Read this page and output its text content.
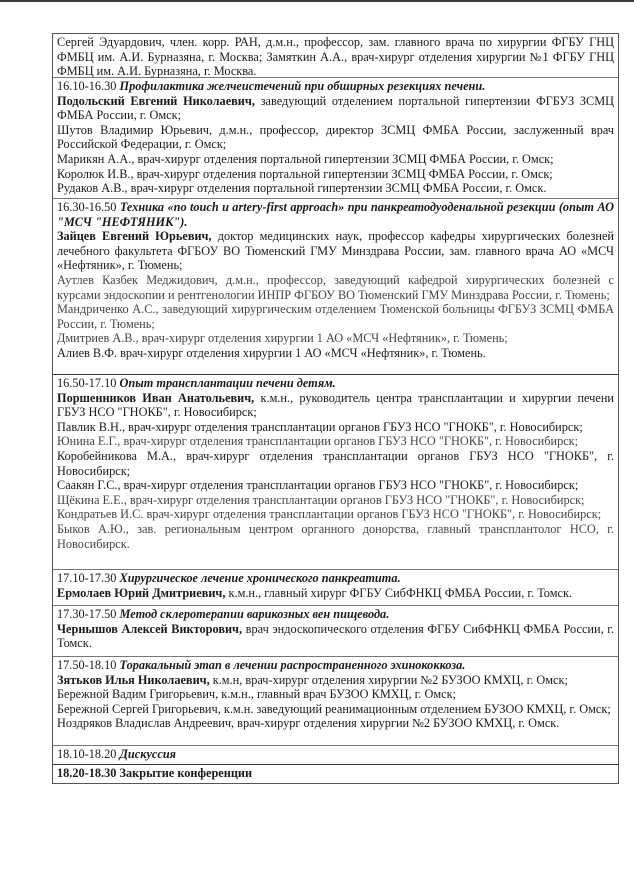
Сергей Эдуардович, член. корр. РАН, д.м.н., профессор, зам. главного врача по хирургии ФГБУ ГНЦ ФМБЦ им. А.И. Бурназяна, г. Москва; Замяткин А.А., врач-хирург отделения хирургии №1 ФГБУ ГНЦ ФМБЦ им. А.И. Бурназяна, г. Москва.
16.10-16.30 Профилактика желчеистечений при обширных резекциях печени.
Подольский Евгений Николаевич, заведующий отделением портальной гипертензии ФГБУЗ ЗСМЦ ФМБА России, г. Омск;
Шутов Владимир Юрьевич, д.м.н., профессор, директор ЗСМЦ ФМБА России, заслуженный врач Российской Федерации, г. Омск;
Марикян А.А., врач-хирург отделения портальной гипертензии ЗСМЦ ФМБА России, г. Омск;
Королюк И.В., врач-хирург отделения портальной гипертензии ЗСМЦ ФМБА России, г. Омск;
Рудаков А.В., врач-хирург отделения портальной гипертензии ЗСМЦ ФМБА России, г. Омск.
16.30-16.50 Техника «no touch и artery-first approach» при панкреатодуоденальной резекции (опыт АО "МСЧ "НЕФТЯНИК").
Зайцев Евгений Юрьевич, доктор медицинских наук, профессор кафедры хирургических болезней лечебного факультета ФГБОУ ВО Тюменский ГМУ Минздрава России, зам. главного врача АО «МСЧ «Нефтяник», г. Тюмень;
Аутлев Казбек Меджидович, д.м.н., профессор, заведующий кафедрой хирургических болезней с курсами эндоскопии и рентгенологии ИНПР ФГБОУ ВО Тюменский ГМУ Минздрава России, г. Тюмень;
Мандриченко А.С., заведующий хирургическим отделением Тюменской больницы ФГБУЗ ЗСМЦ ФМБА России, г. Тюмень;
Дмитриев А.В., врач-хирург отделения хирургии 1 АО «МСЧ «Нефтяник», г. Тюмень;
Алиев В.Ф. врач-хирург отделения хирургии 1 АО «МСЧ «Нефтяник», г. Тюмень.
16.50-17.10 Опыт трансплантации печени детям.
Поршенников Иван Анатольевич, к.м.н., руководитель центра трансплантации и хирургии печени ГБУЗ НСО "ГНОКБ", г. Новосибирск;
Павлик В.Н., врач-хирург отделения трансплантации органов ГБУЗ НСО "ГНОКБ", г. Новосибирск;
Юнина Е.Г., врач-хирург отделения трансплантации органов ГБУЗ НСО "ГНОКБ", г. Новосибирск;
Коробейникова М.А., врач-хирург отделения трансплантации органов ГБУЗ НСО "ГНОКБ", г. Новосибирск;
Саакян Г.С., врач-хирург отделения трансплантации органов ГБУЗ НСО "ГНОКБ", г. Новосибирск;
Щёкина Е.Е., врач-хирург отделения трансплантации органов ГБУЗ НСО "ГНОКБ", г. Новосибирск;
Кондратьев И.С. врач-хирург отделения трансплантации органов ГБУЗ НСО "ГНОКБ", г. Новосибирск;
Быков А.Ю., зав. региональным центром органного донорства, главный трансплантолог НСО, г. Новосибирск.
17.10-17.30 Хирургическое лечение хронического панкреатита.
Ермолаев Юрий Дмитриевич, к.м.н., главный хирург ФГБУ СибФНКЦ ФМБА России, г. Томск.
17.30-17.50 Метод склеротерапии варикозных вен пищевода.
Чернышов Алексей Викторович, врач эндоскопического отделения ФГБУ СибФНКЦ ФМБА России, г. Томск.
17.50-18.10 Торакальный этап в лечении распространенного эхинококкоза.
Зятьков Илья Николаевич, к.м.н, врач-хирург отделения хирургии №2 БУЗОО КМХЦ, г. Омск;
Бережной Вадим Григорьевич, к.м.н., главный врач БУЗОО КМХЦ, г. Омск;
Бережной Сергей Григорьевич, к.м.н. заведующий реанимационным отделением БУЗОО КМХЦ, г. Омск;
Ноздряков Владислав Андреевич, врач-хирург отделения хирургии №2 БУЗОО КМХЦ, г. Омск.
18.10-18.20 Дискуссия
18.20-18.30 Закрытие конференции
